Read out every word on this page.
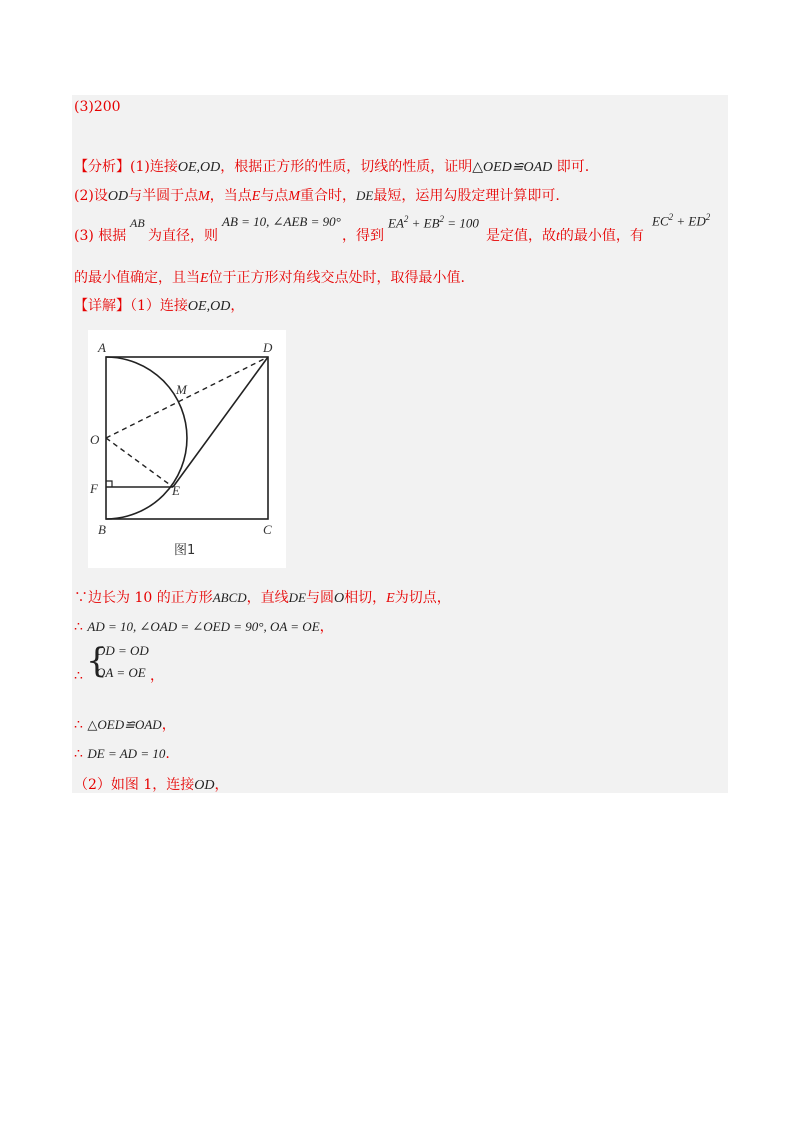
(3)200
【分析】(1)连接OE,OD，根据正方形的性质，切线的性质，证明△OED≌OAD 即可.
(2)设OD与半圆于点M，当点E与点M重合时，DE最短，运用勾股定理计算即可.
(3) 根据
AB
为直径，则
AB = 10, ∠AEB = 90°
，得到
$EA^2 + EB^2 = 100$
是定值，故t的最小值，有
$EC^2 + ED^2$
的最小值确定，且当E位于正方形对角线交点处时，取得最小值.
【详解】（1）连接OE,OD，
A	D
M
O
F	E
B	C
图1
∵边长为 10 的正方形ABCD，直线DE与圆O相切，E为切点，
∴ AD = 10, ∠OAD = ∠OED = 90°, OA = OE，
∴ {
OD = OD
OA = OE ，
∴ △OED≌OAD，
∴ DE = AD = 10.
（2）如图 1，连接OD，
